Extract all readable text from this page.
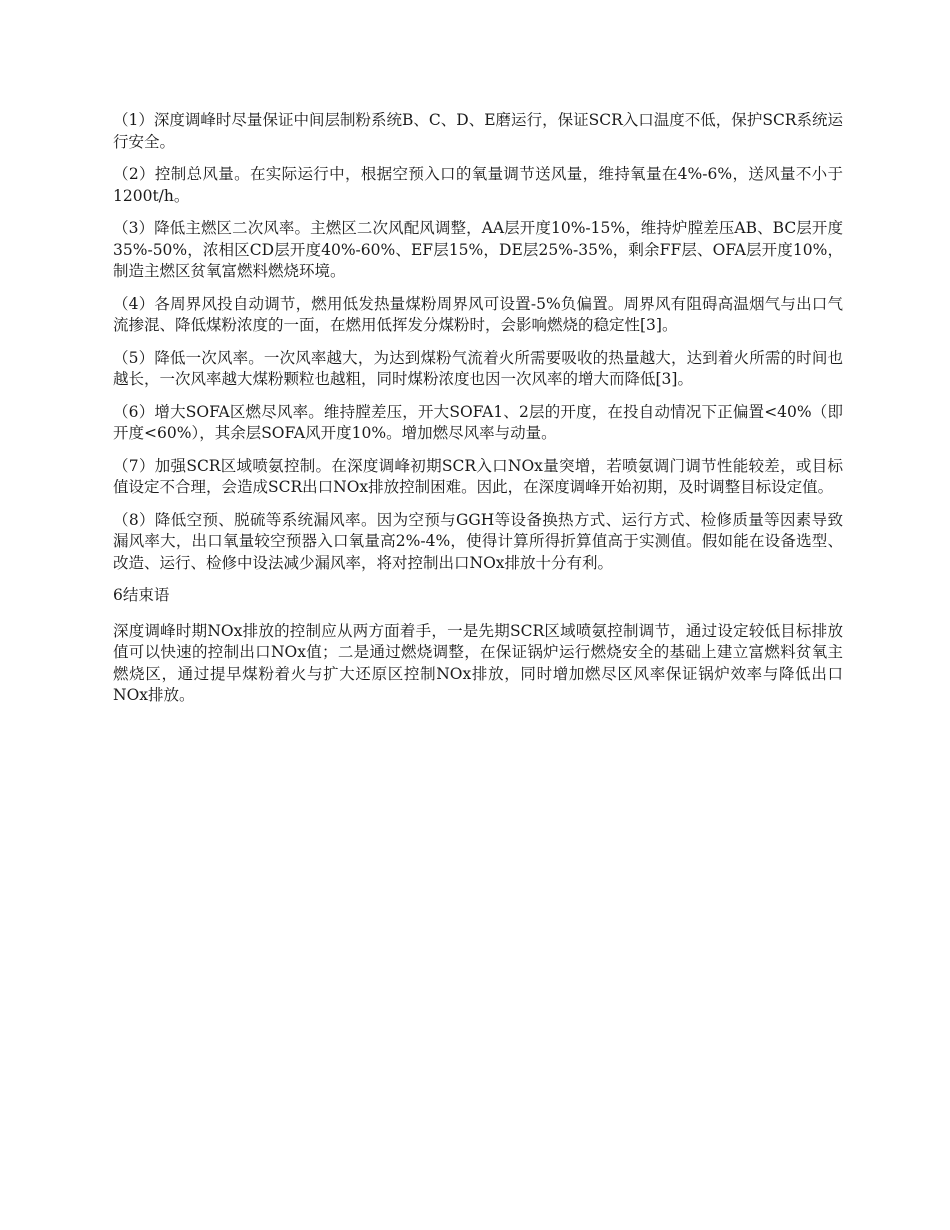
（1）深度调峰时尽量保证中间层制粉系统B、C、D、E磨运行，保证SCR入口温度不低，保护SCR系统运行安全。

（2）控制总风量。在实际运行中，根据空预入口的氧量调节送风量，维持氧量在4%-6%，送风量不小于1200t/h。

（3）降低主燃区二次风率。主燃区二次风配风调整，AA层开度10%-15%，维持炉膛差压AB、BC层开度35%-50%，浓相区CD层开度40%-60%、EF层15%，DE层25%-35%，剩余FF层、OFA层开度10%，制造主燃区贫氧富燃料燃烧环境。

（4）各周界风投自动调节，燃用低发热量煤粉周界风可设置-5%负偏置。周界风有阻碍高温烟气与出口气流掺混、降低煤粉浓度的一面，在燃用低挥发分煤粉时，会影响燃烧的稳定性[3]。

（5）降低一次风率。一次风率越大，为达到煤粉气流着火所需要吸收的热量越大，达到着火所需的时间也越长，一次风率越大煤粉颗粒也越粗，同时煤粉浓度也因一次风率的增大而降低[3]。

（6）增大SOFA区燃尽风率。维持膛差压，开大SOFA1、2层的开度，在投自动情况下正偏置<40%（即开度<60%），其余层SOFA风开度10%。增加燃尽风率与动量。

（7）加强SCR区域喷氨控制。在深度调峰初期SCR入口NOx量突增，若喷氨调门调节性能较差，或目标值设定不合理，会造成SCR出口NOx排放控制困难。因此，在深度调峰开始初期，及时调整目标设定值。

（8）降低空预、脱硫等系统漏风率。因为空预与GGH等设备换热方式、运行方式、检修质量等因素导致漏风率大，出口氧量较空预器入口氧量高2%-4%，使得计算所得折算值高于实测值。假如能在设备选型、改造、运行、检修中设法减少漏风率，将对控制出口NOx排放十分有利。

6结束语

深度调峰时期NOx排放的控制应从两方面着手，一是先期SCR区域喷氨控制调节，通过设定较低目标排放值可以快速的控制出口NOx值；二是通过燃烧调整，在保证锅炉运行燃烧安全的基础上建立富燃料贫氧主燃烧区，通过提早煤粉着火与扩大还原区控制NOx排放，同时增加燃尽区风率保证锅炉效率与降低出口NOx排放。
